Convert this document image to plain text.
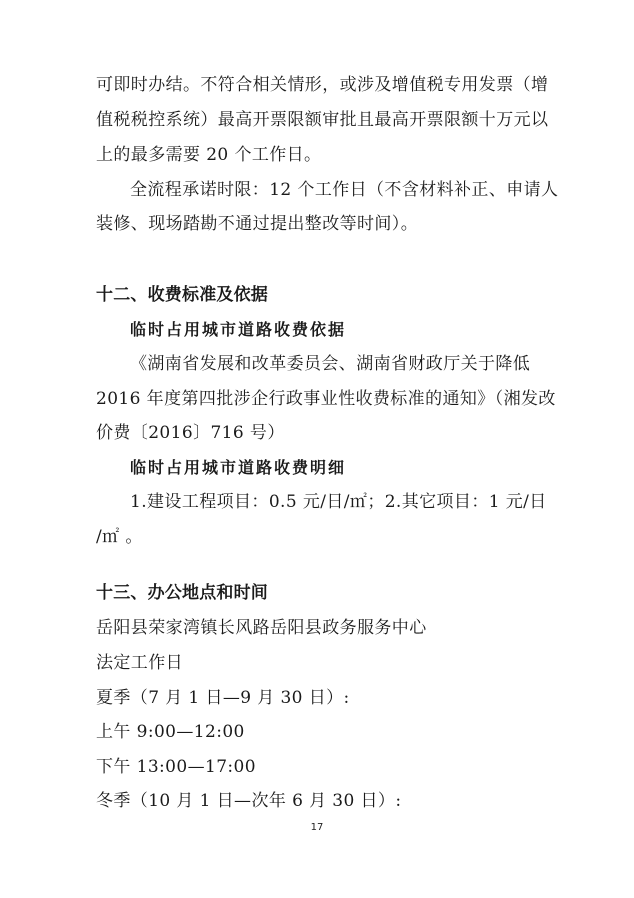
可即时办结。不符合相关情形，或涉及增值税专用发票（增
值税税控系统）最高开票限额审批且最高开票限额十万元以
上的最多需要 20 个工作日。
全流程承诺时限：12 个工作日（不含材料补正、申请人
装修、现场踏勘不通过提出整改等时间）。
十二、收费标准及依据
临时占用城市道路收费依据
《湖南省发展和改革委员会、湖南省财政厅关于降低
2016 年度第四批涉企行政事业性收费标准的通知》（湘发改
价费〔2016〕716 号）
临时占用城市道路收费明细
1.建设工程项目：0.5 元/日/㎡；2.其它项目：1 元/日
/㎡ 。
十三、办公地点和时间
岳阳县荣家湾镇长风路岳阳县政务服务中心
法定工作日
夏季（7 月 1 日—9 月 30 日）:
上午 9:00—12:00
下午 13:00—17:00
冬季（10 月 1 日—次年 6 月 30 日）:
17
